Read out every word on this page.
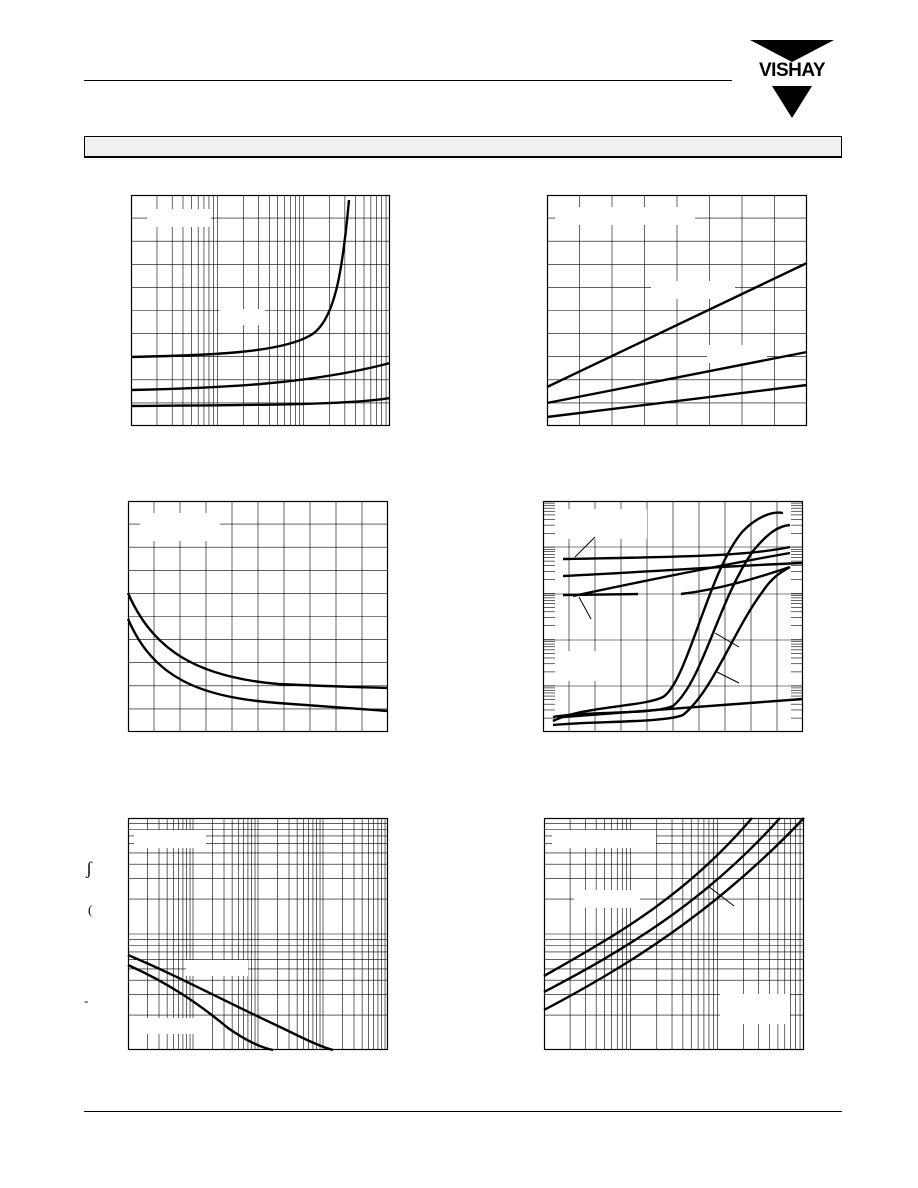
VISHAY
ʃ
(
-
